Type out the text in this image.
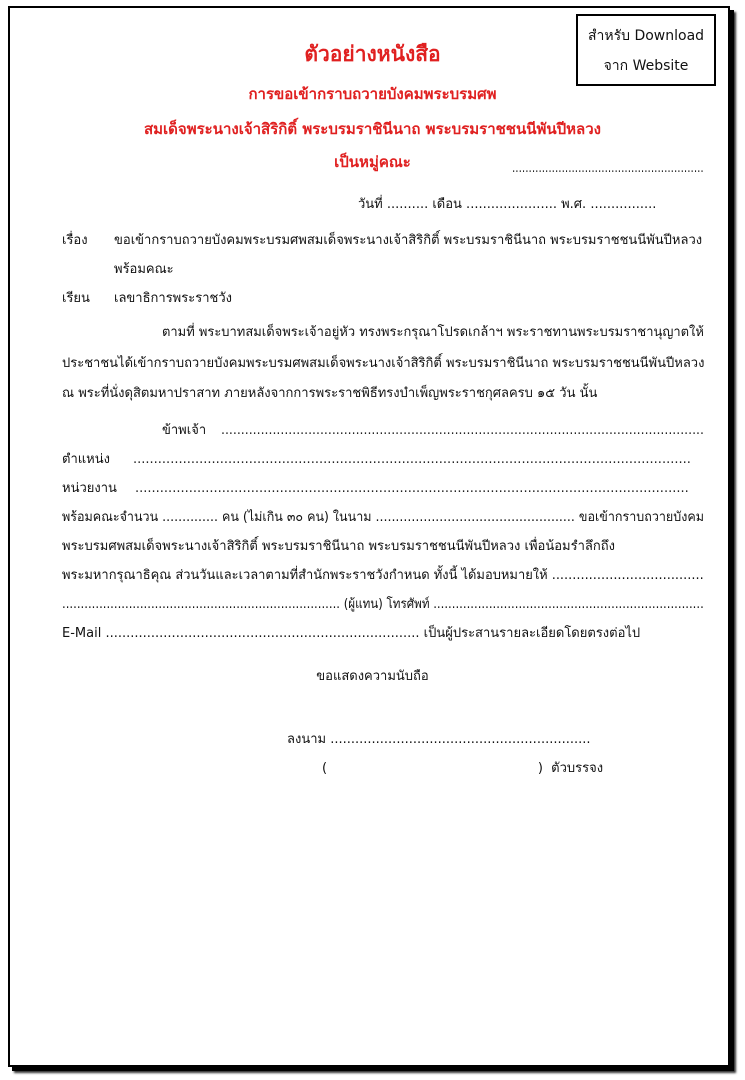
สำหรับ Download
จาก Website
ตัวอย่างหนังสือ
การขอเข้ากราบถวายบังคมพระบรมศพ
สมเด็จพระนางเจ้าสิริกิติ์ พระบรมราชินีนาถ พระบรมราชชนนีพันปีหลวง
เป็นหมู่คณะ	..........................................................
วันที่ .......... เดือน ...................... พ.ศ. ................
เรื่อง ขอเข้ากราบถวายบังคมพระบรมศพสมเด็จพระนางเจ้าสิริกิติ์ พระบรมราชินีนาถ พระบรมราชชนนีพันปีหลวง
พร้อมคณะ
เรียน เลขาธิการพระราชวัง
ตามที่ พระบาทสมเด็จพระเจ้าอยู่หัว ทรงพระกรุณาโปรดเกล้าฯ พระราชทานพระบรมราชานุญาตให้
ประชาชนได้เข้ากราบถวายบังคมพระบรมศพสมเด็จพระนางเจ้าสิริกิติ์ พระบรมราชินีนาถ พระบรมราชชนนีพันปีหลวง
ณ พระที่นั่งดุสิตมหาปราสาท ภายหลังจากการพระราชพิธีทรงบำเพ็ญพระราชกุศลครบ ๑๕ วัน นั้น
ข้าพเจ้า ..........................................................................................................................
ตำแหน่ง .......................................................................................................................................
หน่วยงาน ......................................................................................................................................
พร้อมคณะจำนวน .............. คน (ไม่เกิน ๓๐ คน) ในนาม .................................................. ขอเข้ากราบถวายบังคม
พระบรมศพสมเด็จพระนางเจ้าสิริกิติ์ พระบรมราชินีนาถ พระบรมราชชนนีพันปีหลวง เพื่อน้อมรำลึกถึง
พระมหากรุณาธิคุณ ส่วนวันและเวลาตามที่สำนักพระราชวังกำหนด ทั้งนี้ ได้มอบหมายให้ .....................................
........................................................................... (ผู้แทน) โทรศัพท์ .........................................................................
E-Mail ............................................................................ เป็นผู้ประสานรายละเอียดโดยตรงต่อไป
ขอแสดงความนับถือ
ลงนาม ...............................................................
(                                                   )  ตัวบรรจง
